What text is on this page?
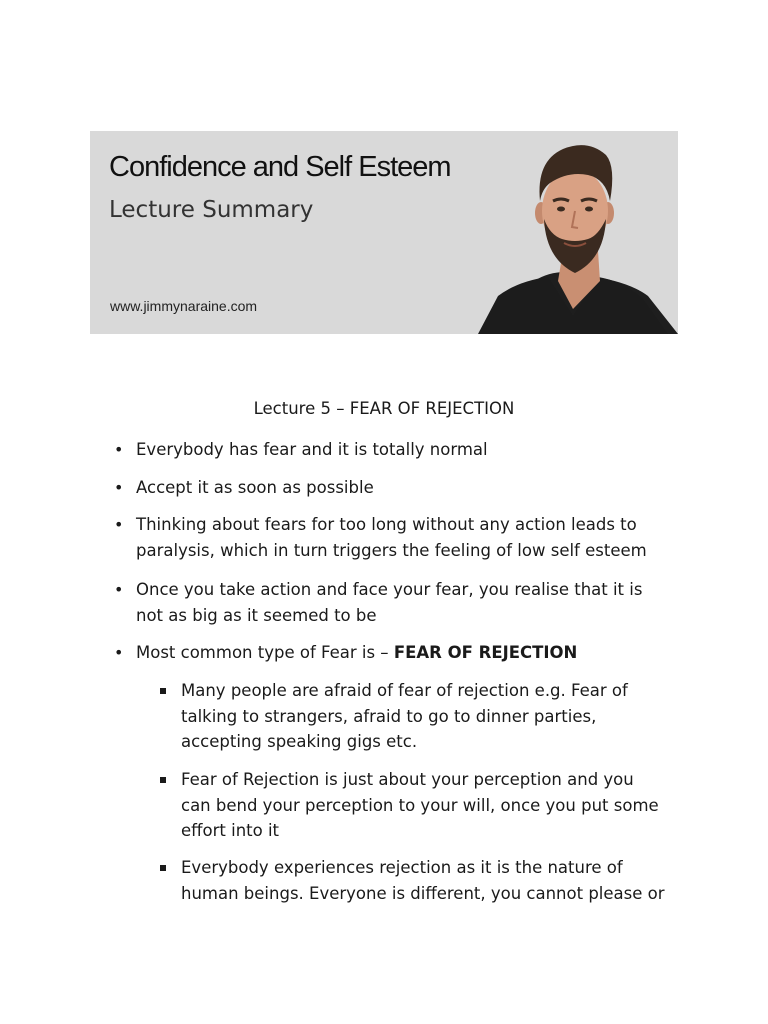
Confidence and Self Esteem
Lecture Summary
www.jimmynaraine.com
Lecture 5 – FEAR OF REJECTION
• Everybody has fear and it is totally normal
• Accept it as soon as possible
• Thinking about fears for too long without any action leads to
paralysis, which in turn triggers the feeling of low self esteem
• Once you take action and face your fear, you realise that it is
not as big as it seemed to be
• Most common type of Fear is – FEAR OF REJECTION
Many people are afraid of fear of rejection e.g. Fear of
talking to strangers, afraid to go to dinner parties,
accepting speaking gigs etc.
Fear of Rejection is just about your perception and you
can bend your perception to your will, once you put some
effort into it
Everybody experiences rejection as it is the nature of
human beings. Everyone is different, you cannot please or
